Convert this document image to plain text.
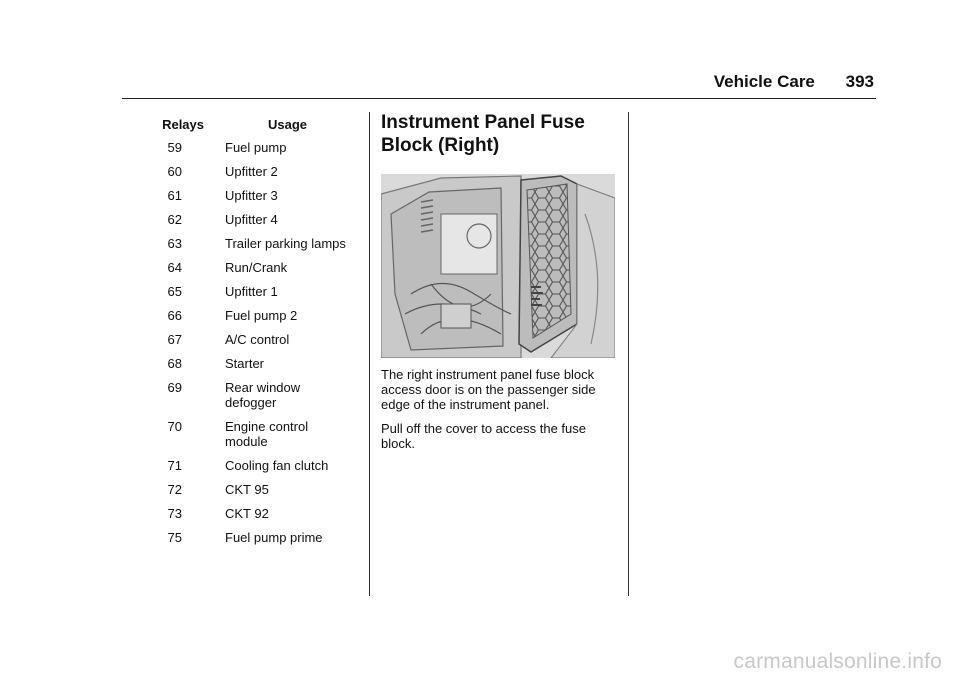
Vehicle Care 393
Relays	Usage
59	Fuel pump
60	Upfitter 2
61	Upfitter 3
62	Upfitter 4
63	Trailer parking lamps
64	Run/Crank
65	Upfitter 1
66	Fuel pump 2
67	A/C control
68	Starter
69	Rear window defogger
70	Engine control module
71	Cooling fan clutch
72	CKT 95
73	CKT 92
75	Fuel pump prime
Instrument Panel Fuse Block (Right)

The right instrument panel fuse block access door is on the passenger side edge of the instrument panel.

Pull off the cover to access the fuse block.

carmanualsonline.info
